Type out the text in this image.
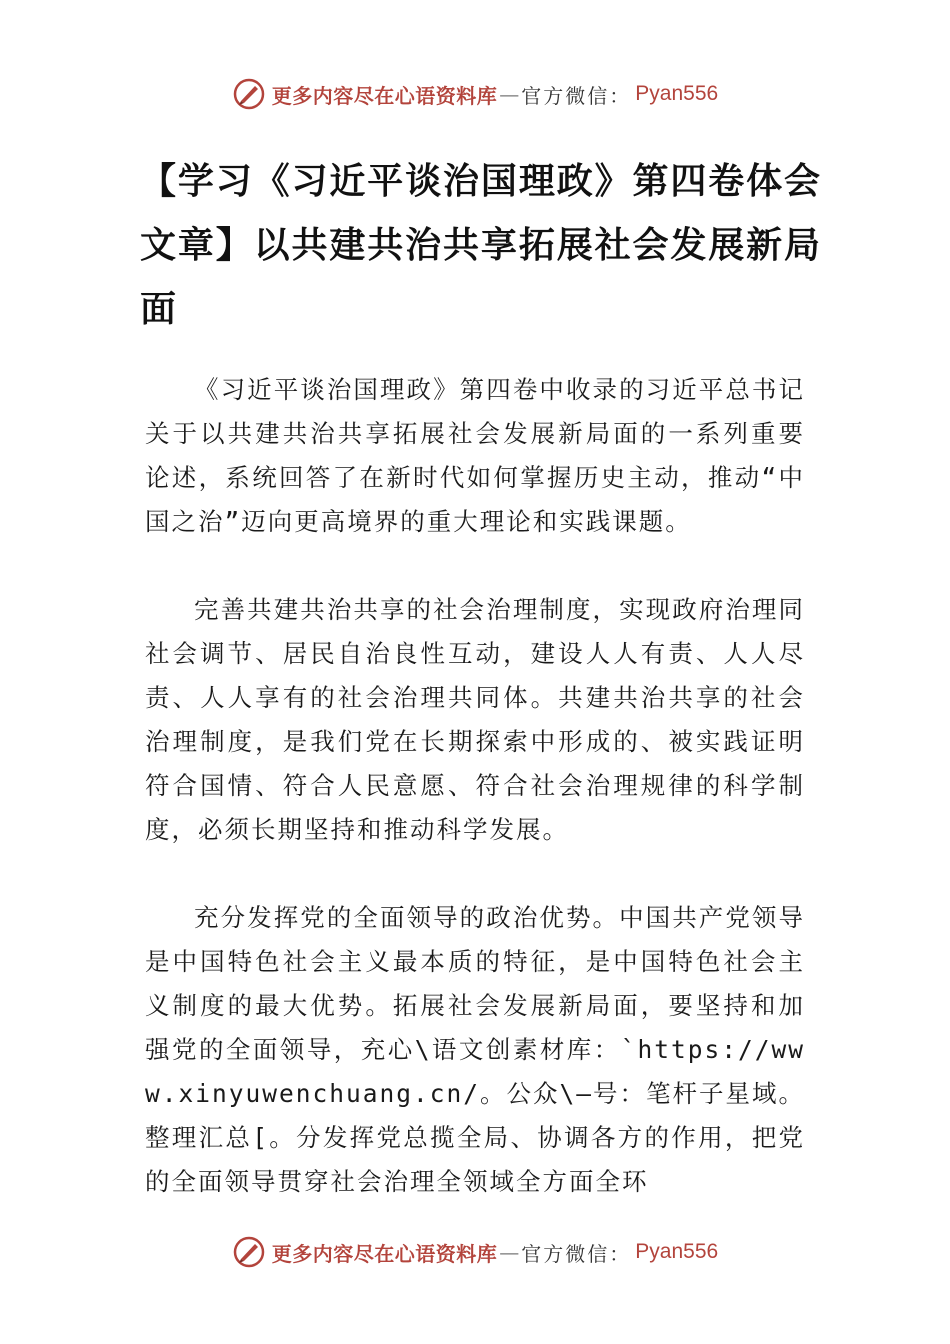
更多内容尽在心语资料库 — 官方微信： Pyan556
【学习《习近平谈治国理政》第四卷体会文章】以共建共治共享拓展社会发展新局面

《习近平谈治国理政》第四卷中收录的习近平总书记关于以共建共治共享拓展社会发展新局面的一系列重要论述，系统回答了在新时代如何掌握历史主动，推动“中国之治”迈向更高境界的重大理论和实践课题。

完善共建共治共享的社会治理制度，实现政府治理同社会调节、居民自治良性互动，建设人人有责、人人尽责、人人享有的社会治理共同体。共建共治共享的社会治理制度，是我们党在长期探索中形成的、被实践证明符合国情、符合人民意愿、符合社会治理规律的科学制度，必须长期坚持和推动科学发展。

充分发挥党的全面领导的政治优势。中国共产党领导是中国特色社会主义最本质的特征，是中国特色社会主义制度的最大优势。拓展社会发展新局面，要坚持和加强党的全面领导，充心\语文创素材库：`https://www.xinyuwenchuang.cn/。公众\—号：笔杆子星域。整理汇总[。分发挥党总揽全局、协调各方的作用，把党的全面领导贯穿社会治理全领域全方面全环

更多内容尽在心语资料库 — 官方微信： Pyan556
